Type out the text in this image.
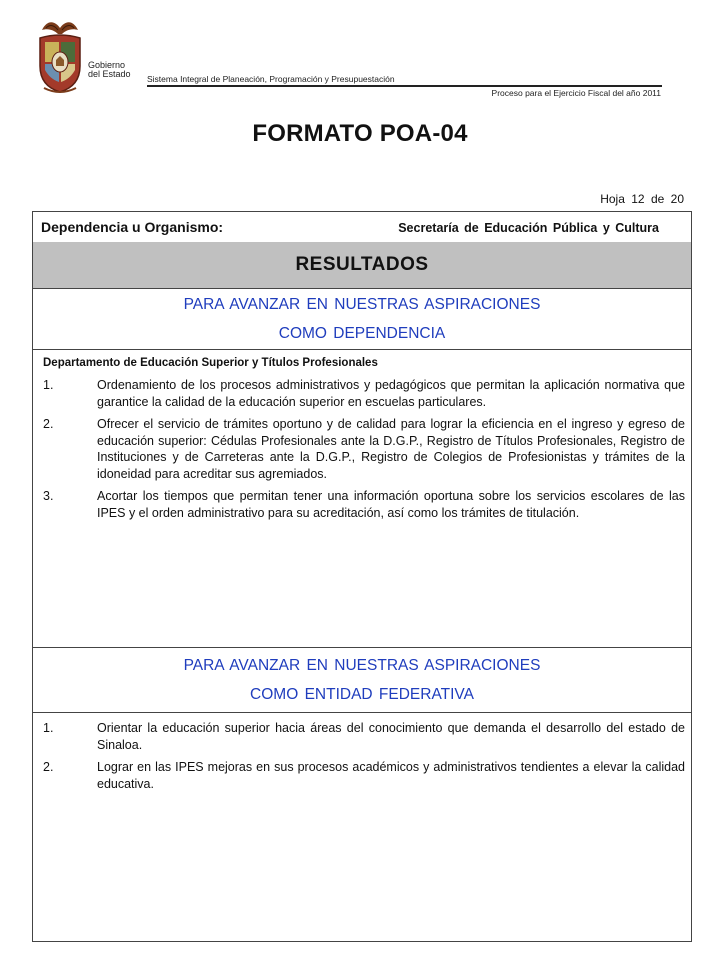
Gobierno
del Estado Sistema Integral de Planeación, Programación y Presupuestación
Proceso para el Ejercicio Fiscal del año 2011
FORMATO POA-04
Hoja 12 de 20
Dependencia u Organismo:	Secretaría de Educación Pública y Cultura
RESULTADOS
PARA AVANZAR EN NUESTRAS ASPIRACIONES
COMO DEPENDENCIA
Departamento de Educación Superior y Títulos Profesionales
1.	Ordenamiento de los procesos administrativos y pedagógicos que permitan la aplicación normativa que garantice la calidad de la educación superior en escuelas particulares.
2.	Ofrecer el servicio de trámites oportuno y de calidad para lograr la eficiencia en el ingreso y egreso de educación superior: Cédulas Profesionales ante la D.G.P., Registro de Títulos Profesionales, Registro de Instituciones y de Carreteras ante la D.G.P., Registro de Colegios de Profesionistas y trámites de la idoneidad para acreditar sus agremiados.
3.	Acortar los tiempos que permitan tener una información oportuna sobre los servicios escolares de las IPES y el orden administrativo para su acreditación, así como los trámites de titulación.
PARA AVANZAR EN NUESTRAS ASPIRACIONES
COMO ENTIDAD FEDERATIVA
1.	Orientar la educación superior hacia áreas del conocimiento que demanda el desarrollo del estado de Sinaloa.
2.	Lograr en las IPES mejoras en sus procesos académicos y administrativos tendientes a elevar la calidad educativa.
